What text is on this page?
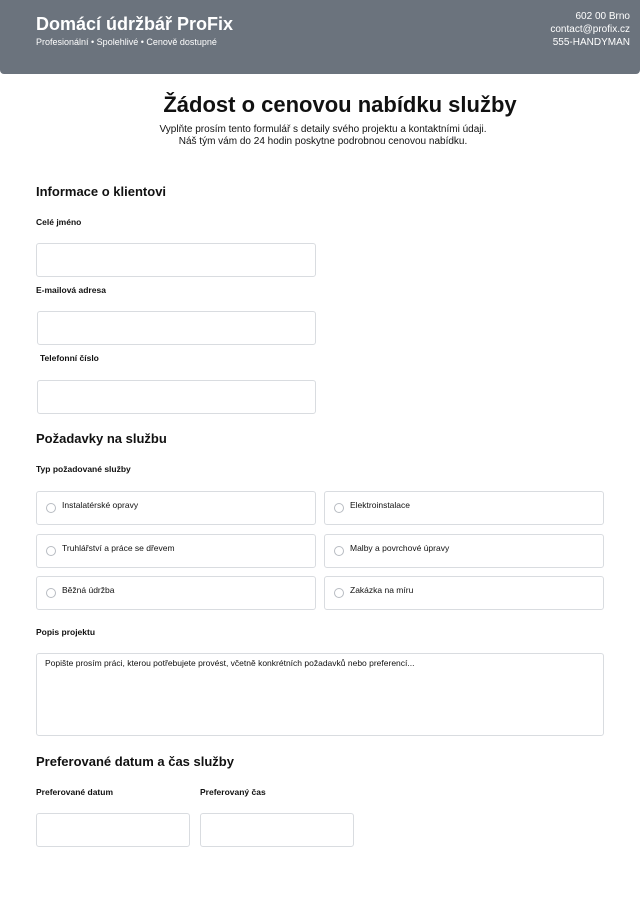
Domácí údržbář ProFix
Profesionální • Spolehlivé • Cenově dostupné
602 00 Brno
contact@profix.cz
555-HANDYMAN
Žádost o cenovou nabídku služby
Vyplňte prosím tento formulář s detaily svého projektu a kontaktními údaji.
Náš tým vám do 24 hodin poskytne podrobnou cenovou nabídku.
Informace o klientovi
Celé jméno
E-mailová adresa
Telefonní číslo
Požadavky na službu
Typ požadované služby
Instalatérské opravy	Elektroinstalace
Truhlářství a práce se dřevem	Malby a povrchové úpravy
Běžná údržba	Zakázka na míru
Popis projektu
Popište prosím práci, kterou potřebujete provést, včetně konkrétních požadavků nebo preferencí...
Preferované datum a čas služby
Preferované datum	Preferovaný čas
